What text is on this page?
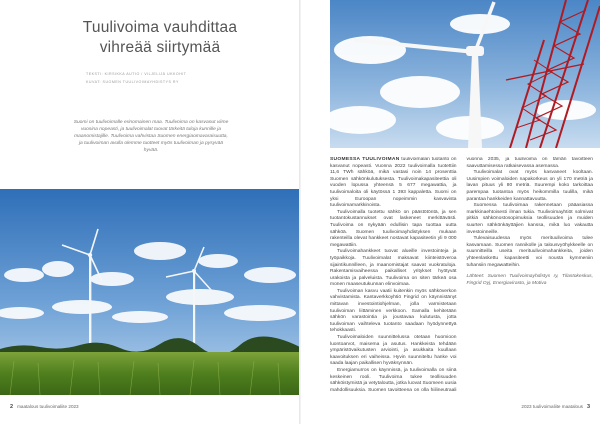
Tuulivoima vauhdittaa
vihreää siirtymää
TEKSTI: KIRSIKKA AUTIO / VILJELIJÄ UKKOHIT
KUVAT: SUOMEN TUULIVOIMAYHDISTYS RY

Suomi on tuulivoimalle erinomainen maa. Tuulivoima on kasvanut viime vuosina nopeasti, ja tuulivoimalat tuovat tärkeitä tuloja kunnille ja maanomistajille. Tuulivoima vahvistaa Suomen energiaomavaraisuutta, ja tuulivoiman avulla olemme tuotteet myös tuulivoiman ja pysyvää hyvää.

2 maatalous tuulivoimaliite 2023	2023 tuulivoimaliite maatalous 3

SUOMESSA TUULIVOIMAN tuulivoimalan tuotanto on kasvanut nopeasti. Vuonna 2022 tuulivoimalla tuotettiin 11,6 TWh sähköä, mikä vastasi noin 14 prosenttia Suomen sähkönkulutuksesta. Tuulivoimakapasiteettia oli vuoden lopussa yhteensä 5 677 megawattia, ja tuulivoimaloita oli käytössä 1 393 kappaletta. Suomi on yksi Euroopan nopeimmin kasvavista tuulivoimamarkkinoista.

Tuulivoimalla tuotettu sähkö on päästötöntä, ja sen tuotantokustannukset ovat laskeneet merkittävästi. Tuulivoima on nykyään edullisin tapa tuottaa uutta sähköä. Suomen tuulivoimayhdistyksen mukaan rakenteilla olevat hankkeet nostavat kapasiteetin yli 9 000 megawattiin.

Tuulivoimahankkeet tuovat alueille investointeja ja työpaikkoja. Tuulivoimalat maksavat kiinteistöveroa sijaintikunnilleen, ja maanomistajat saavat vuokratuloja. Rakentamisvaiheessa paikalliset yritykset hyötyvät urakoista ja palveluista. Tuulivoima on siten tärkeä osa monen maaseutukunnan elinvoimaa.

Tuulivoiman kasvu vaatii kuitenkin myös sähköverkon vahvistamista. Kantaverkkoyhtiö Fingrid on käynnistänyt mittavan investointiohjelman, jolla varmistetaan tuulivoiman liittäminen verkkoon. Samalla kehitetään sähkön varastointia ja joustavaa kulutusta, jotta tuulivoiman vaihteleva tuotanto saadaan hyödynnettyä tehokkaasti.

Tuulivoimaloiden suunnittelussa otetaan huomioon luontoarvot, maisema ja asutus. Hankkeista tehdään ympäristövaikutusten arviointi, ja asukkaita kuullaan kaavoituksen eri vaiheissa. Hyvin suunniteltu hanke voi saada laajan paikallisen hyväksynnän.

Energiamurros on käynnissä, ja tuulivoimalla on siinä keskeinen rooli. Tuulivoima tukee teollisuuden sähköistymistä ja vetytaloutta, jotka luovat Suomeen uusia mahdollisuuksia. Suomen tavoitteena on olla hiilineutraali vuonna 2035, ja tuulivoima on tämän tavoitteen saavuttamisessa ratkaisevassa asemassa.

Tuulivoimalat ovat myös kasvaneet kooltaan. Uusimpien voimaloiden napakorkeus on yli 170 metriä ja lavan pituus yli 80 metriä. Suurempi koko tarkoittaa parempaa tuotantoa myös heikommilla tuulilla, mikä parantaa hankkeiden kannattavuutta.

Suomessa tuulivoimaa rakennetaan pääasiassa markkinaehtoisesti ilman tukia. Tuulivoimayhtiöt solmivat pitkiä sähkönostosopimuksia teollisuuden ja muiden suurten sähkönkäyttäjien kanssa, mikä luo vakautta investoinneille.

Tulevaisuudessa myös merituulivoima tulee kasvamaan. Suomen rannikolle ja talousvyöhykkeelle on suunnitteilla useita merituulivoimahankkeita, joiden yhteenlaskettu kapasiteetti voi nousta kymmeniin tuhansiin megawatteihin.

Lähteet: Suomen Tuulivoimayhdistys ry, Tilastokeskus, Fingrid Oyj, Energiavirasto, ja Motiva
